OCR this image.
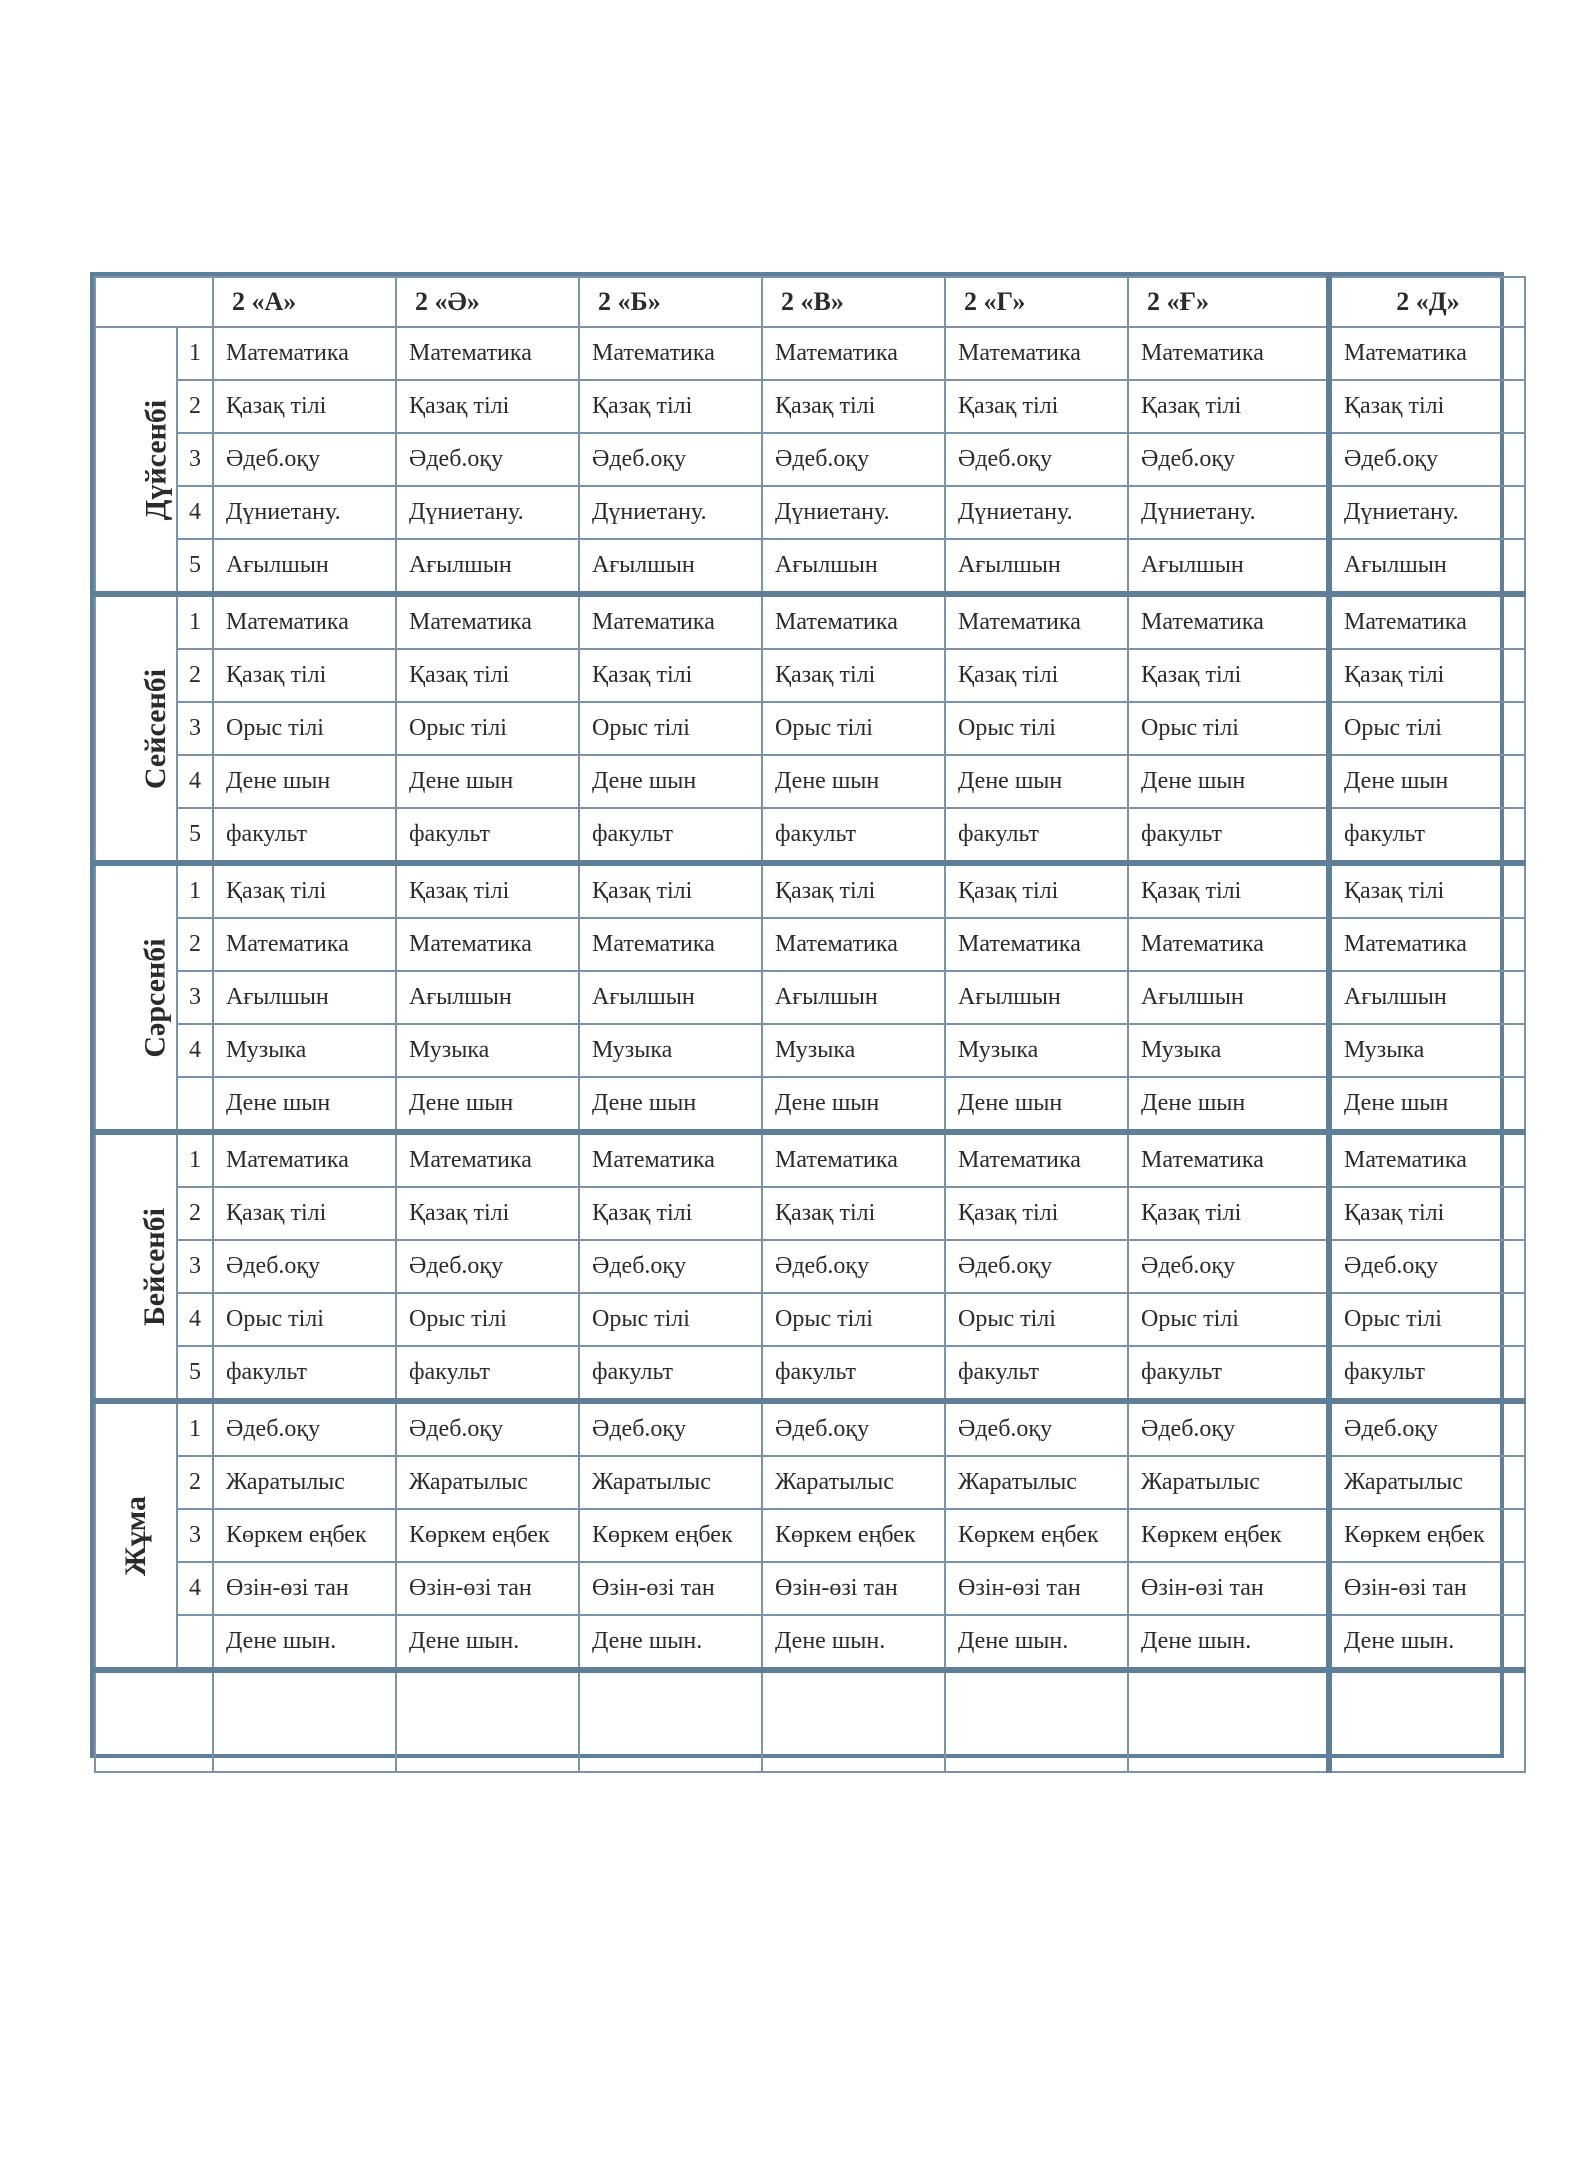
		2 «А»	2 «Ә»	2 «Б»	2 «В»	2 «Г»	2 «Ғ»	2 «Д»
Дүйсенбі	1	Математика	Математика	Математика	Математика	Математика	Математика	Математика
	2	Қазақ тілі	Қазақ тілі	Қазақ тілі	Қазақ тілі	Қазақ тілі	Қазақ тілі	Қазақ тілі
	3	Әдеб.оқу	Әдеб.оқу	Әдеб.оқу	Әдеб.оқу	Әдеб.оқу	Әдеб.оқу	Әдеб.оқу
	4	Дүниетану.	Дүниетану.	Дүниетану.	Дүниетану.	Дүниетану.	Дүниетану.	Дүниетану.
	5	Ағылшын	Ағылшын	Ағылшын	Ағылшын	Ағылшын	Ағылшын	Ағылшын
Сейсенбі	1	Математика	Математика	Математика	Математика	Математика	Математика	Математика
	2	Қазақ тілі	Қазақ тілі	Қазақ тілі	Қазақ тілі	Қазақ тілі	Қазақ тілі	Қазақ тілі
	3	Орыс тілі	Орыс тілі	Орыс тілі	Орыс тілі	Орыс тілі	Орыс тілі	Орыс тілі
	4	Дене шын	Дене шын	Дене шын	Дене шын	Дене шын	Дене шын	Дене шын
	5	факульт	факульт	факульт	факульт	факульт	факульт	факульт
Сәрсенбі	1	Қазақ тілі	Қазақ тілі	Қазақ тілі	Қазақ тілі	Қазақ тілі	Қазақ тілі	Қазақ тілі
	2	Математика	Математика	Математика	Математика	Математика	Математика	Математика
	3	Ағылшын	Ағылшын	Ағылшын	Ағылшын	Ағылшын	Ағылшын	Ағылшын
	4	Музыка	Музыка	Музыка	Музыка	Музыка	Музыка	Музыка
		Дене шын	Дене шын	Дене шын	Дене шын	Дене шын	Дене шын	Дене шын
Бейсенбі	1	Математика	Математика	Математика	Математика	Математика	Математика	Математика
	2	Қазақ тілі	Қазақ тілі	Қазақ тілі	Қазақ тілі	Қазақ тілі	Қазақ тілі	Қазақ тілі
	3	Әдеб.оқу	Әдеб.оқу	Әдеб.оқу	Әдеб.оқу	Әдеб.оқу	Әдеб.оқу	Әдеб.оқу
	4	Орыс тілі	Орыс тілі	Орыс тілі	Орыс тілі	Орыс тілі	Орыс тілі	Орыс тілі
	5	факульт	факульт	факульт	факульт	факульт	факульт	факульт
Жұма	1	Әдеб.оқу	Әдеб.оқу	Әдеб.оқу	Әдеб.оқу	Әдеб.оқу	Әдеб.оқу	Әдеб.оқу
	2	Жаратылыс	Жаратылыс	Жаратылыс	Жаратылыс	Жаратылыс	Жаратылыс	Жаратылыс
	3	Көркем еңбек	Көркем еңбек	Көркем еңбек	Көркем еңбек	Көркем еңбек	Көркем еңбек	Көркем еңбек
	4	Өзін-өзі тан	Өзін-өзі тан	Өзін-өзі тан	Өзін-өзі тан	Өзін-өзі тан	Өзін-өзі тан	Өзін-өзі тан
		Дене шын.	Дене шын.	Дене шын.	Дене шын.	Дене шын.	Дене шын.	Дене шын.
